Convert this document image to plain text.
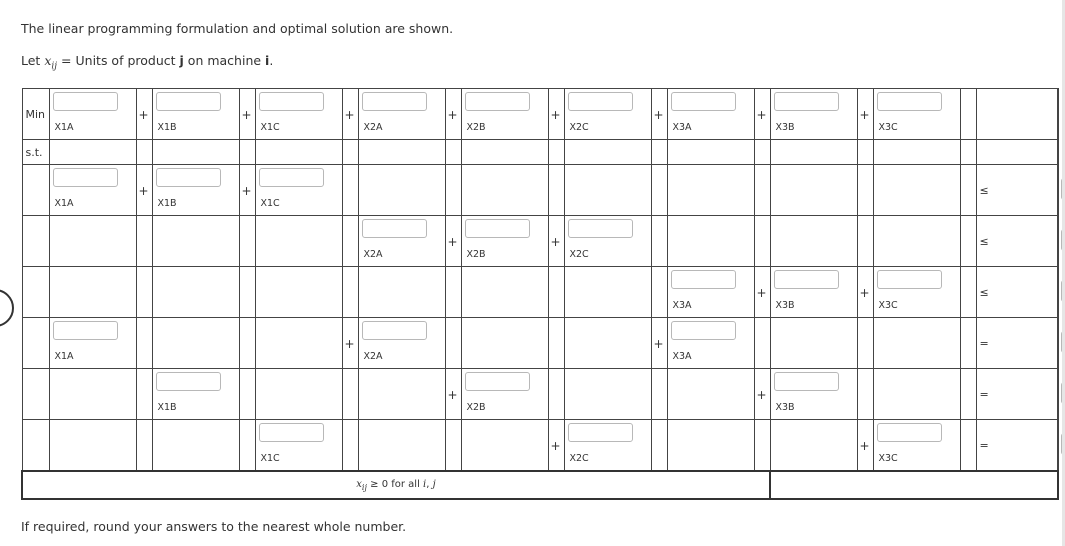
The linear programming formulation and optimal solution are shown.
Let $x_{ij}$ = Units of product j on machine i.
Min	X1A	+	X1B	+	X1C	+	X2A	+	X2B	+	X2C	+	X3A	+	X3B	+	X3C			

s.t.																				

	X1A	+	X1B	+	X1C														≤

							X2A	+	X2B	+	X2C								≤

													X3A	+	X3B	+	X3C		≤

	X1A					+	X2A					+	X3A						=

			X1B					+	X2B					+	X3B				=

					X1C					+	X2C					+	X3C		=

$x_{ij} \ge 0$ for all i, j																				
If required, round your answers to the nearest whole number.
